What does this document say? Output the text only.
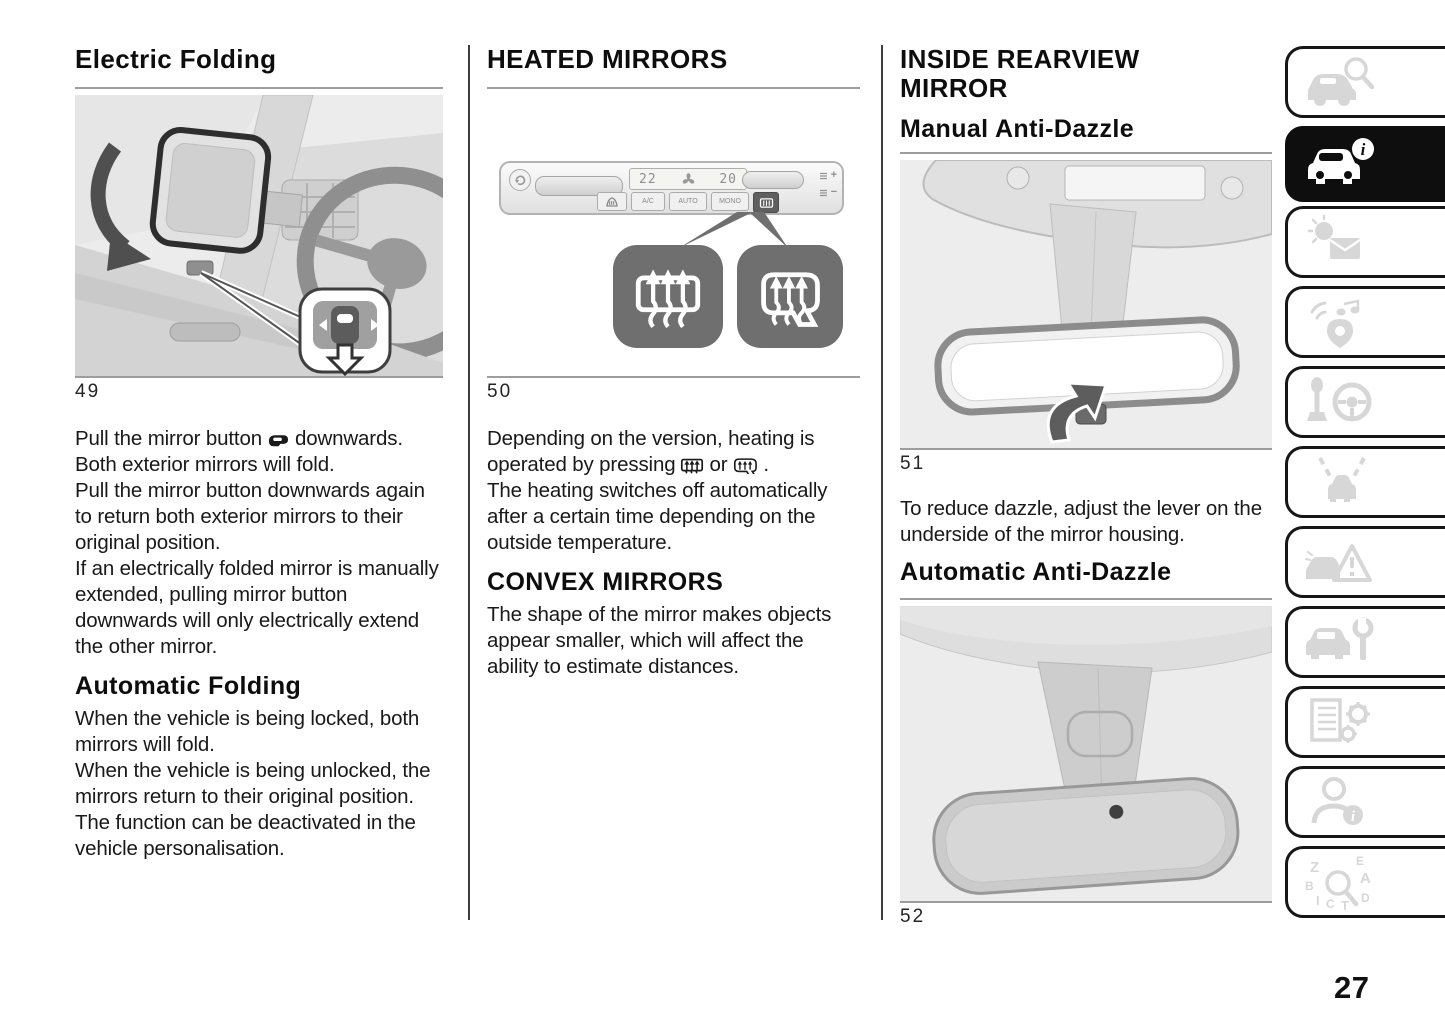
Electric Folding
49

Pull the mirror button downwards. Both exterior mirrors will fold.

Pull the mirror button downwards again to return both exterior mirrors to their original position.

If an electrically folded mirror is manually extended, pulling mirror button downwards will only electrically extend the other mirror.

Automatic Folding

When the vehicle is being locked, both mirrors will fold.

When the vehicle is being unlocked, the mirrors return to their original position.

The function can be deactivated in the vehicle personalisation.

HEATED MIRRORS
22	20
A/C	AUTO	MONO
+
−
50

Depending on the version, heating is operated by pressing or .

The heating switches off automatically after a certain time depending on the outside temperature.

CONVEX MIRRORS

The shape of the mirror makes objects appear smaller, which will affect the ability to estimate distances.

INSIDE REARVIEW MIRROR
Manual Anti-Dazzle
51

To reduce dazzle, adjust the lever on the underside of the mirror housing.

Automatic Anti-Dazzle
52
i
i
Z	E
B	A
I C T D
27
